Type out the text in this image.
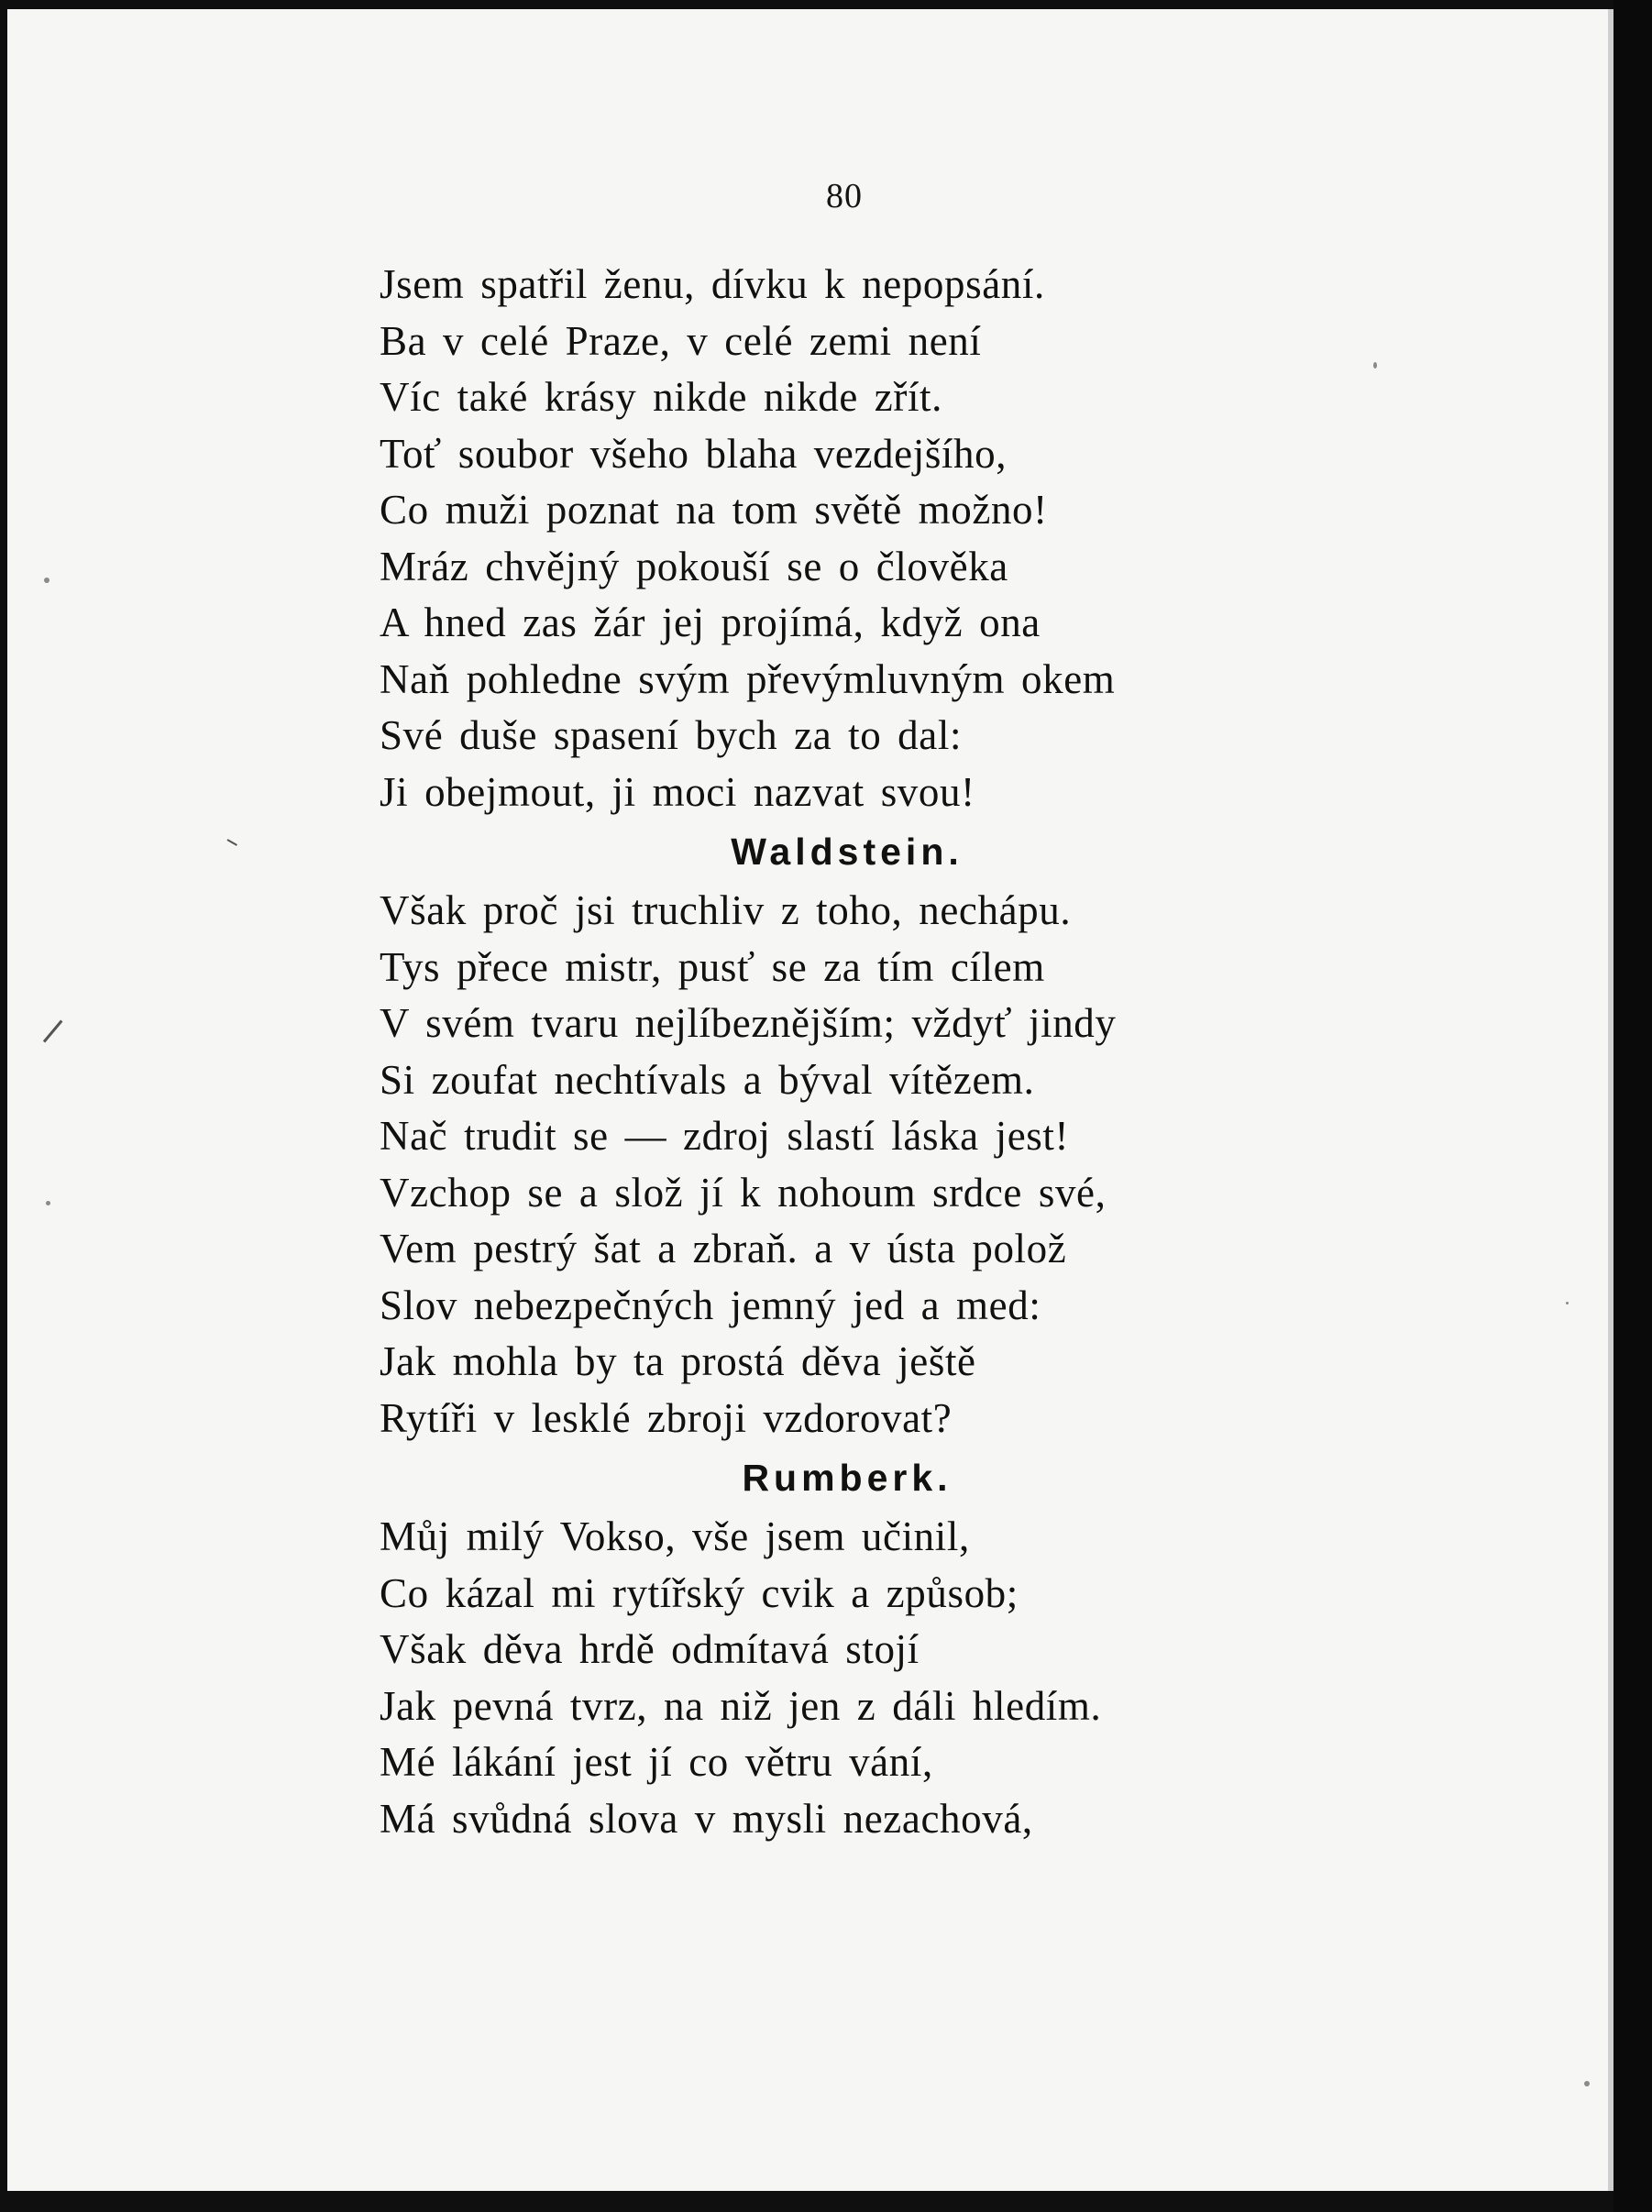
80
Jsem spatřil ženu, dívku k nepopsání.
Ba v celé Praze, v celé zemi není
Víc také krásy nikde nikde zřít.
Toť soubor všeho blaha vezdejšího,
Co muži poznat na tom světě možno!
Mráz chvějný pokouší se o člověka
A hned zas žár jej projímá, když ona
Naň pohledne svým převýmluvným okem
Své duše spasení bych za to dal:
Ji obejmout, ji moci nazvat svou!
Waldstein.
Však proč jsi truchliv z toho, nechápu.
Tys přece mistr, pusť se za tím cílem
V svém tvaru nejlíbeznějším; vždyť jindy
Si zoufat nechtívals a býval vítězem.
Nač trudit se — zdroj slastí láska jest!
Vzchop se a slož jí k nohoum srdce své,
Vem pestrý šat a zbraň. a v ústa polož
Slov nebezpečných jemný jed a med:
Jak mohla by ta prostá děva ještě
Rytíři v lesklé zbroji vzdorovat?
Rumberk.
Můj milý Vokso, vše jsem učinil,
Co kázal mi rytířský cvik a způsob;
Však děva hrdě odmítavá stojí
Jak pevná tvrz, na niž jen z dáli hledím.
Mé lákání jest jí co větru vání,
Má svůdná slova v mysli nezachová,
